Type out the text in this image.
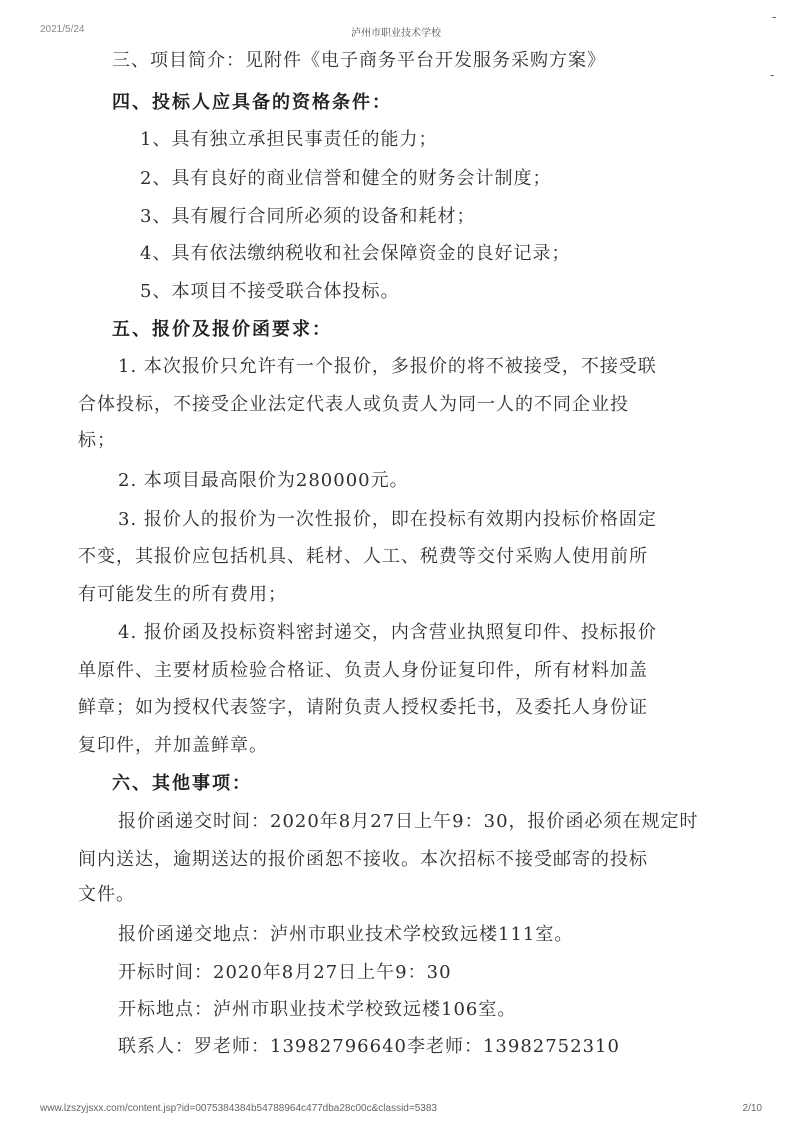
2021/5/24	泸州市职业技术学校
-
-
三、项目简介：见附件《电子商务平台开发服务采购方案》
四、投标人应具备的资格条件：
1、具有独立承担民事责任的能力；
2、具有良好的商业信誉和健全的财务会计制度；
3、具有履行合同所必须的设备和耗材；
4、具有依法缴纳税收和社会保障资金的良好记录；
5、本项目不接受联合体投标。
五、报价及报价函要求：
1. 本次报价只允许有一个报价，多报价的将不被接受，不接受联
合体投标，不接受企业法定代表人或负责人为同一人的不同企业投
标；
2. 本项目最高限价为280000元。
3. 报价人的报价为一次性报价，即在投标有效期内投标价格固定
不变，其报价应包括机具、耗材、人工、税费等交付采购人使用前所
有可能发生的所有费用；
4. 报价函及投标资料密封递交，内含营业执照复印件、投标报价
单原件、主要材质检验合格证、负责人身份证复印件，所有材料加盖
鲜章；如为授权代表签字，请附负责人授权委托书，及委托人身份证
复印件，并加盖鲜章。
六、其他事项：
报价函递交时间：2020年8月27日上午9：30，报价函必须在规定时
间内送达，逾期送达的报价函恕不接收。本次招标不接受邮寄的投标
文件。
报价函递交地点：泸州市职业技术学校致远楼111室。
开标时间：2020年8月27日上午9：30
开标地点：泸州市职业技术学校致远楼106室。
联系人：罗老师：13982796640李老师：13982752310
www.lzszyjsxx.com/content.jsp?id=0075384384b54788964c477dba28c00c&classid=5383	2/10
